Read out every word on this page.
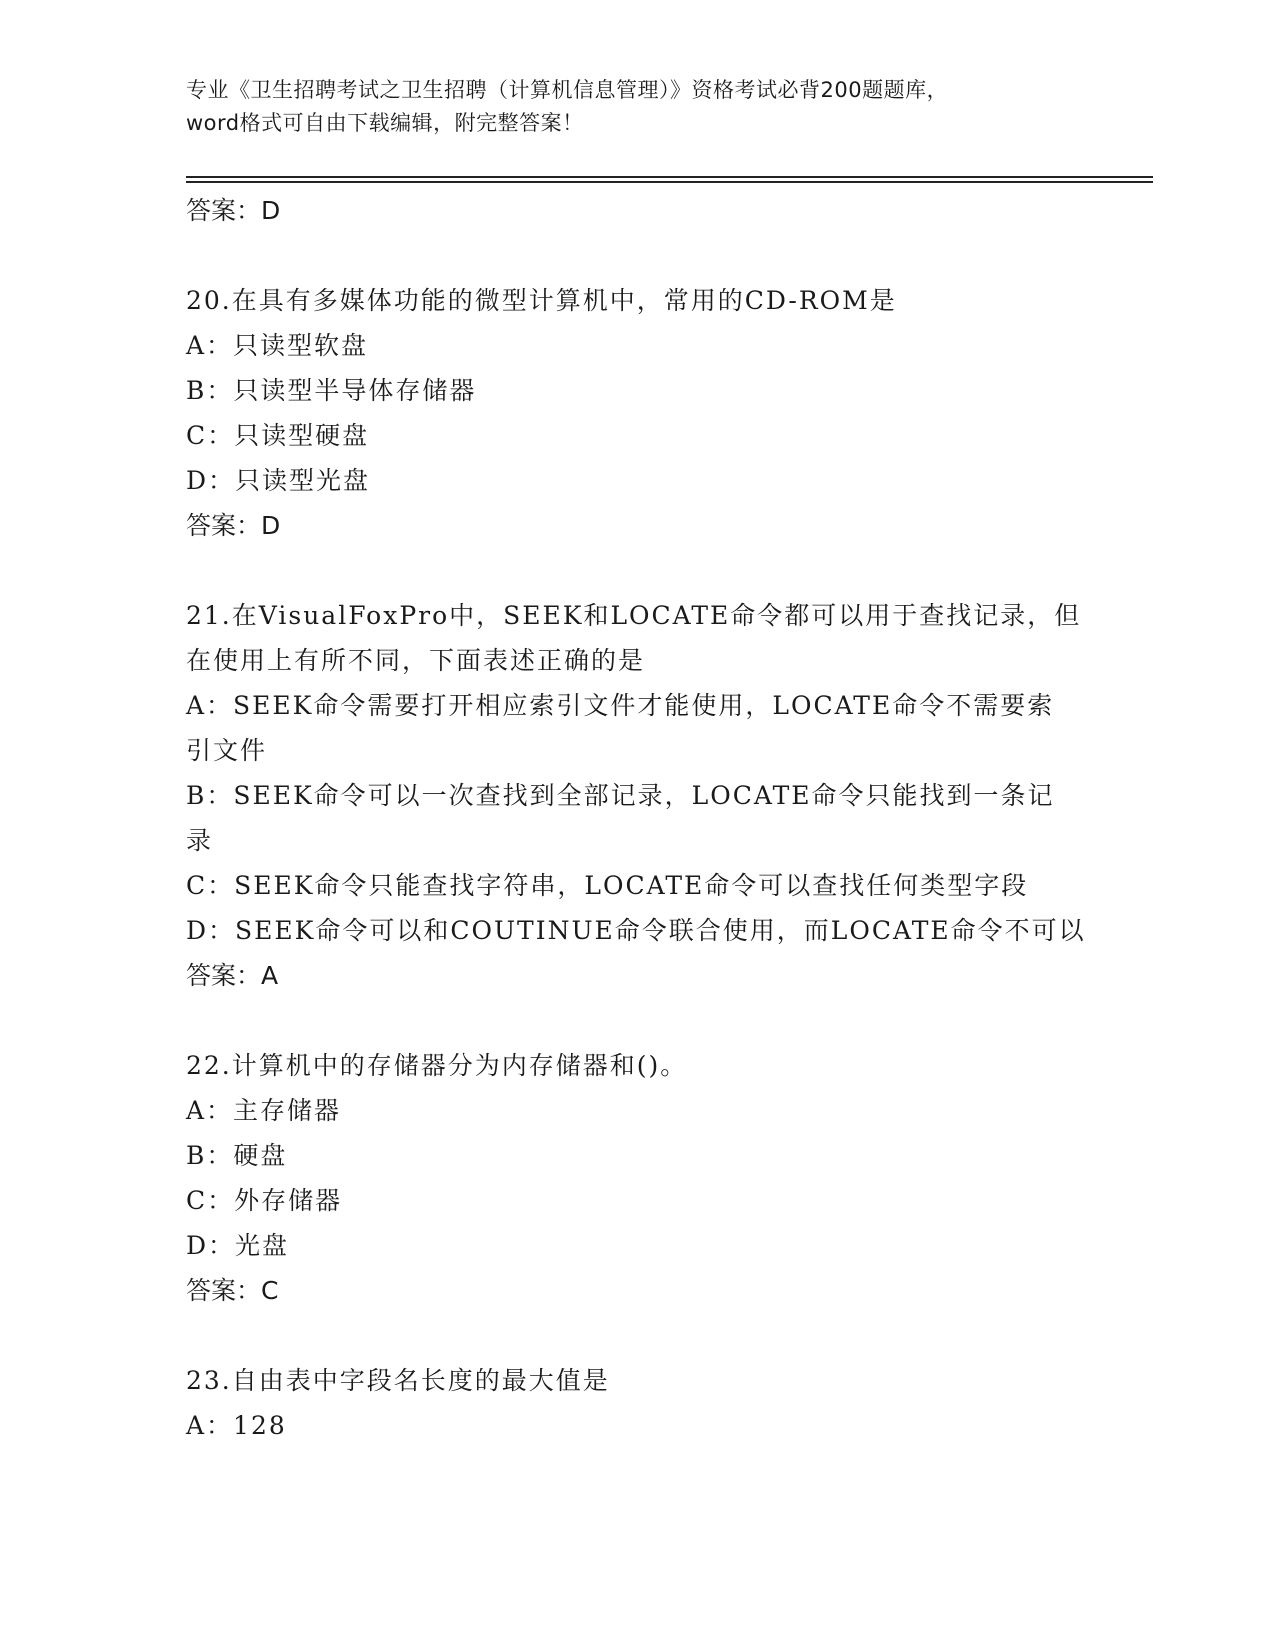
专业《卫生招聘考试之卫生招聘（计算机信息管理）》资格考试必背200题题库，
word格式可自由下载编辑，附完整答案！
答案：D
20.在具有多媒体功能的微型计算机中，常用的CD-ROM是
A：只读型软盘
B：只读型半导体存储器
C：只读型硬盘
D：只读型光盘
答案：D
21.在VisualFoxPro中，SEEK和LOCATE命令都可以用于查找记录，但
在使用上有所不同，下面表述正确的是
A：SEEK命令需要打开相应索引文件才能使用，LOCATE命令不需要索
引文件
B：SEEK命令可以一次查找到全部记录，LOCATE命令只能找到一条记
录
C：SEEK命令只能查找字符串，LOCATE命令可以查找任何类型字段
D：SEEK命令可以和COUTINUE命令联合使用，而LOCATE命令不可以
答案：A
22.计算机中的存储器分为内存储器和()。
A：主存储器
B：硬盘
C：外存储器
D：光盘
答案：C
23.自由表中字段名长度的最大值是
A：128
